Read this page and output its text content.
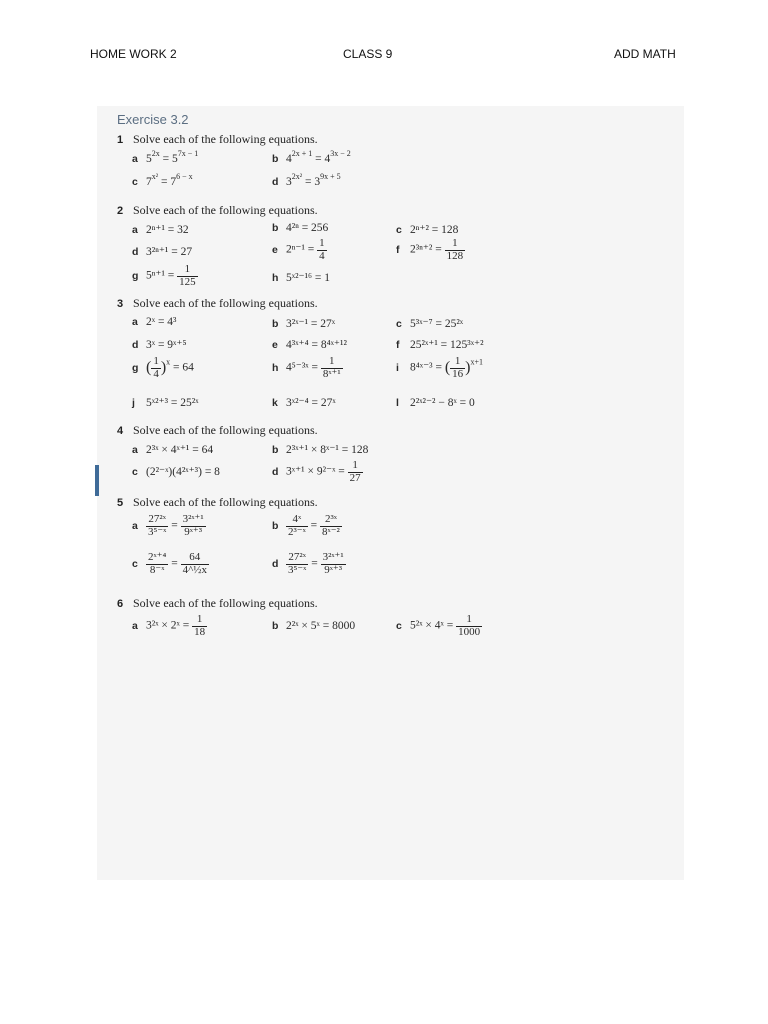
HOME WORK 2	CLASS 9	ADD MATH
Exercise 3.2
1 Solve each of the following equations.
a $5^{2x} = 5^{7x - 1}$	b $4^{2x + 1} = 4^{3x - 2}$
c $7^{x^2} = 7^{6 - x}$	d $3^{2x^2} = 3^{9x + 5}$
2 Solve each of the following equations.
a 2ⁿ⁺¹ = 32	b 4²ⁿ = 256	c 2ⁿ⁺² = 128
d 3²ⁿ⁺¹ = 27	e $2^{n-1} = \frac{1}{4}$	f $2^{3n+2} = \frac{1}{128}$
g $5^{n+1} = \frac{1}{125}$	h 5ˣ²⁻¹⁶ = 1
3 Solve each of the following equations.
a 2ˣ = 4³	b 3²ˣ⁻¹ = 27ˣ	c 5³ˣ⁻⁷ = 25²ˣ
d 3ˣ = 9ˣ⁺⁵	e 4³ˣ⁺⁴ = 8⁴ˣ⁺¹²	f 25²ˣ⁺¹ = 125³ˣ⁺²
g ( $\frac{1}{4} )^x = 64$	h 4⁵⁻³ˣ = $\frac{1}{\text{8ˣ⁺¹}}$	i 8⁴ˣ⁻³ = ( $\frac{1}{16} )^{x+1}$
j 5ˣ²⁺³ = 25²ˣ	k 3ˣ²⁻⁴ = 27ˣ	l 2²ˣ²⁻² − 8ˣ = 0
4 Solve each of the following equations.
a 2³ˣ × 4ˣ⁺¹ = 64	b 2³ˣ⁺¹ × 8ˣ⁻¹ = 128
c (2²⁻ˣ)(4²ˣ⁺³) = 8	d 3ˣ⁺¹ × 9²⁻ˣ = $\frac{1}{27}$
5 Solve each of the following equations.
a $\frac{\text{27²ˣ}}{\text{3⁵⁻ˣ}} = \frac{\text{3²ˣ⁺¹}}{\text{9ˣ⁺³}}$	b $\frac{\text{4ˣ}}{\text{2³⁻ˣ}} = \frac{\text{2³ˣ}}{\text{8ˣ⁻²}}$
c $\frac{\text{2ˣ⁺⁴}}{\text{8⁻ˣ}} = \frac{64}{\text{4\textasciicircum{}½x}}$	d $\frac{\text{27²ˣ}}{\text{3⁵⁻ˣ}} = \frac{\text{3²ˣ⁺¹}}{\text{9ˣ⁺³}}$
6 Solve each of the following equations.
a 3²ˣ × 2ˣ = $\frac{1}{18}$	b 2²ˣ × 5ˣ = 8000	c 5²ˣ × 4ˣ = $\frac{1}{1000}$
